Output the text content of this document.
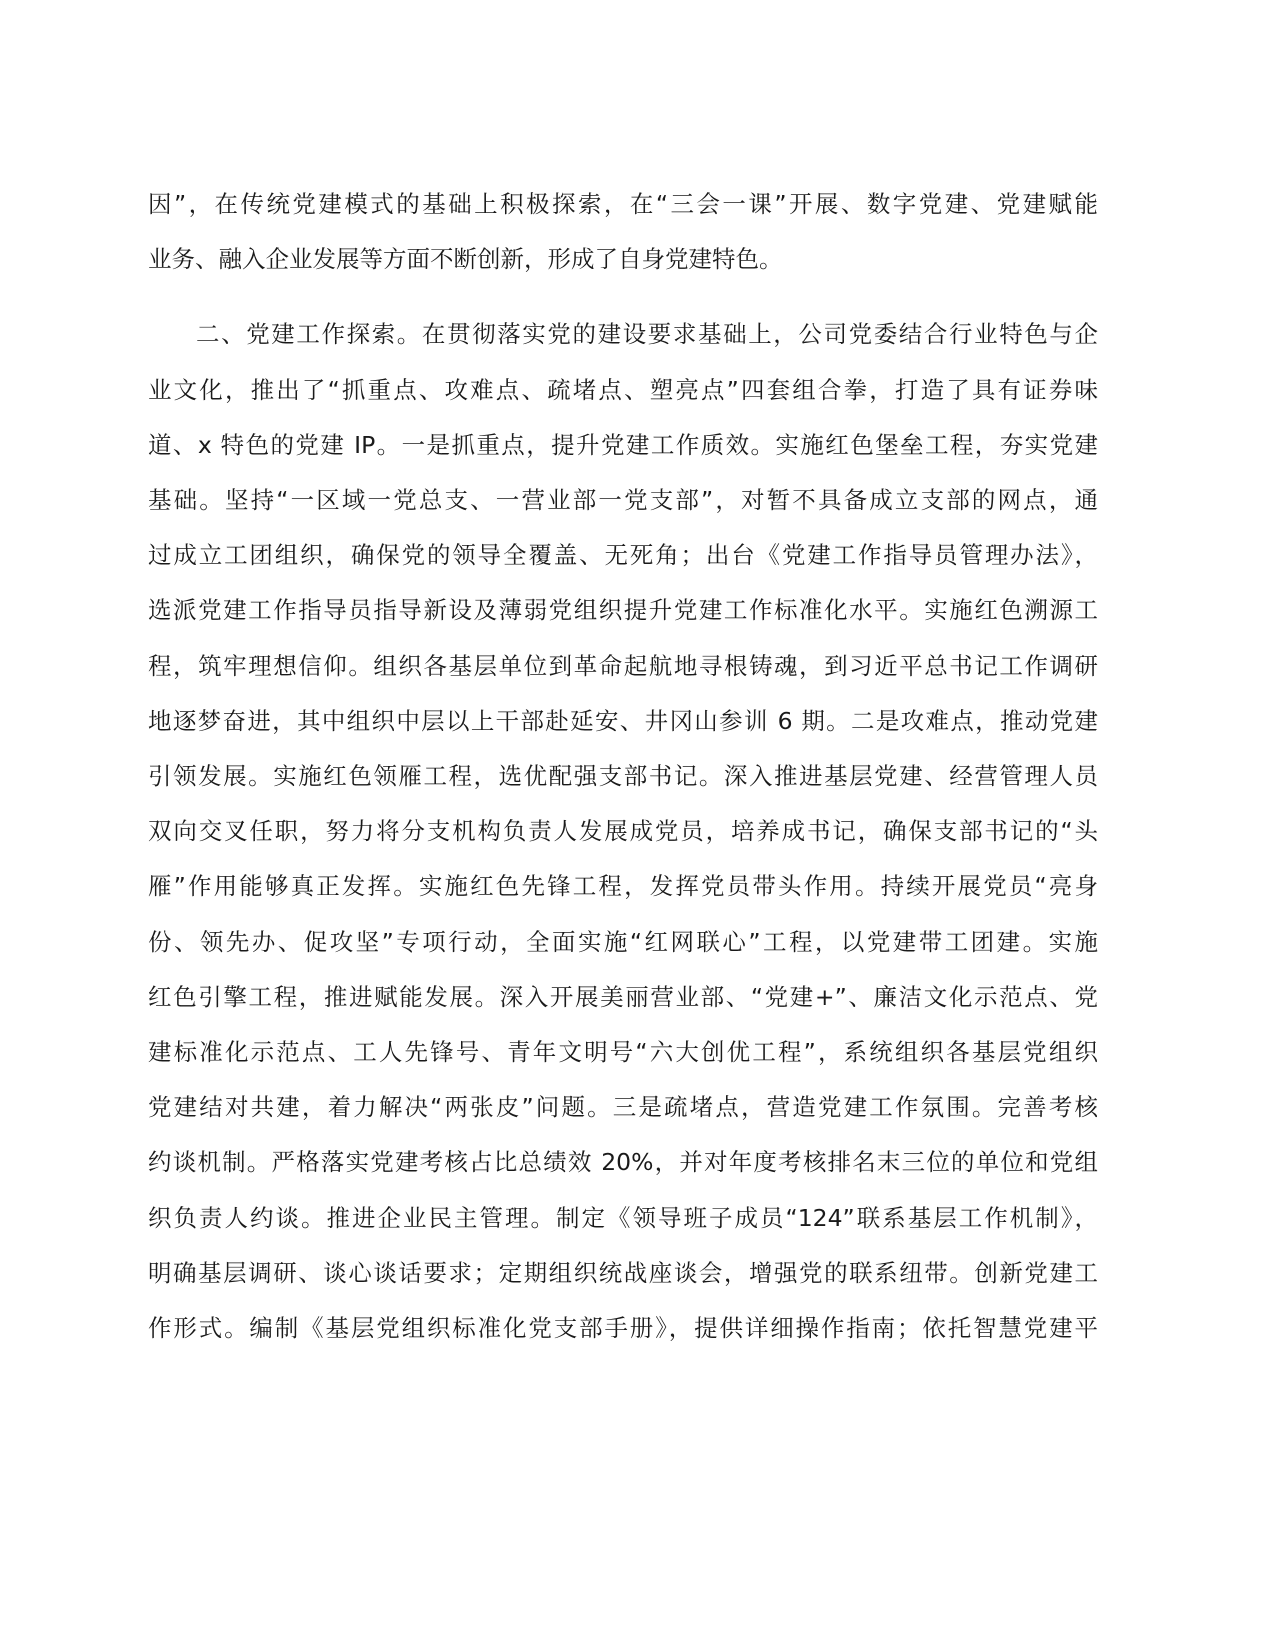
因”，在传统党建模式的基础上积极探索，在“三会一课”开展、数字党建、党建赋能
业务、融入企业发展等方面不断创新，形成了自身党建特色。
二、党建工作探索。在贯彻落实党的建设要求基础上，公司党委结合行业特色与企
业文化，推出了“抓重点、攻难点、疏堵点、塑亮点”四套组合拳，打造了具有证券味
道、x 特色的党建 IP。一是抓重点，提升党建工作质效。实施红色堡垒工程，夯实党建
基础。坚持“一区域一党总支、一营业部一党支部”，对暂不具备成立支部的网点，通
过成立工团组织，确保党的领导全覆盖、无死角；出台《党建工作指导员管理办法》，
选派党建工作指导员指导新设及薄弱党组织提升党建工作标准化水平。实施红色溯源工
程，筑牢理想信仰。组织各基层单位到革命起航地寻根铸魂，到习近平总书记工作调研
地逐梦奋进，其中组织中层以上干部赴延安、井冈山参训 6 期。二是攻难点，推动党建
引领发展。实施红色领雁工程，选优配强支部书记。深入推进基层党建、经营管理人员
双向交叉任职，努力将分支机构负责人发展成党员，培养成书记，确保支部书记的“头
雁”作用能够真正发挥。实施红色先锋工程，发挥党员带头作用。持续开展党员“亮身
份、领先办、促攻坚”专项行动，全面实施“红网联心”工程，以党建带工团建。实施
红色引擎工程，推进赋能发展。深入开展美丽营业部、“党建+”、廉洁文化示范点、党
建标准化示范点、工人先锋号、青年文明号“六大创优工程”，系统组织各基层党组织
党建结对共建，着力解决“两张皮”问题。三是疏堵点，营造党建工作氛围。完善考核
约谈机制。严格落实党建考核占比总绩效 20%，并对年度考核排名末三位的单位和党组
织负责人约谈。推进企业民主管理。制定《领导班子成员“124”联系基层工作机制》，
明确基层调研、谈心谈话要求；定期组织统战座谈会，增强党的联系纽带。创新党建工
作形式。编制《基层党组织标准化党支部手册》，提供详细操作指南；依托智慧党建平
